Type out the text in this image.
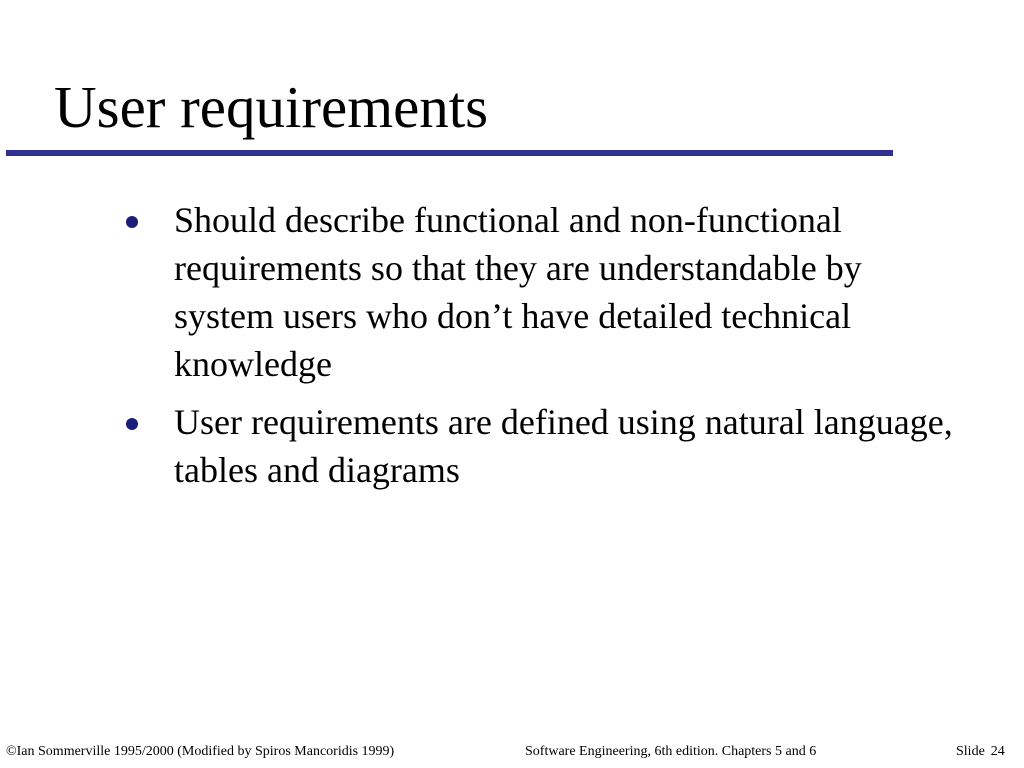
User requirements
Should describe functional and non-functional requirements so that they are understandable by system users who don’t have detailed technical knowledge
User requirements are defined using natural language, tables and diagrams
©Ian Sommerville 1995/2000 (Modified by Spiros Mancoridis 1999)	Software Engineering, 6th edition. Chapters 5 and 6	Slide 24
